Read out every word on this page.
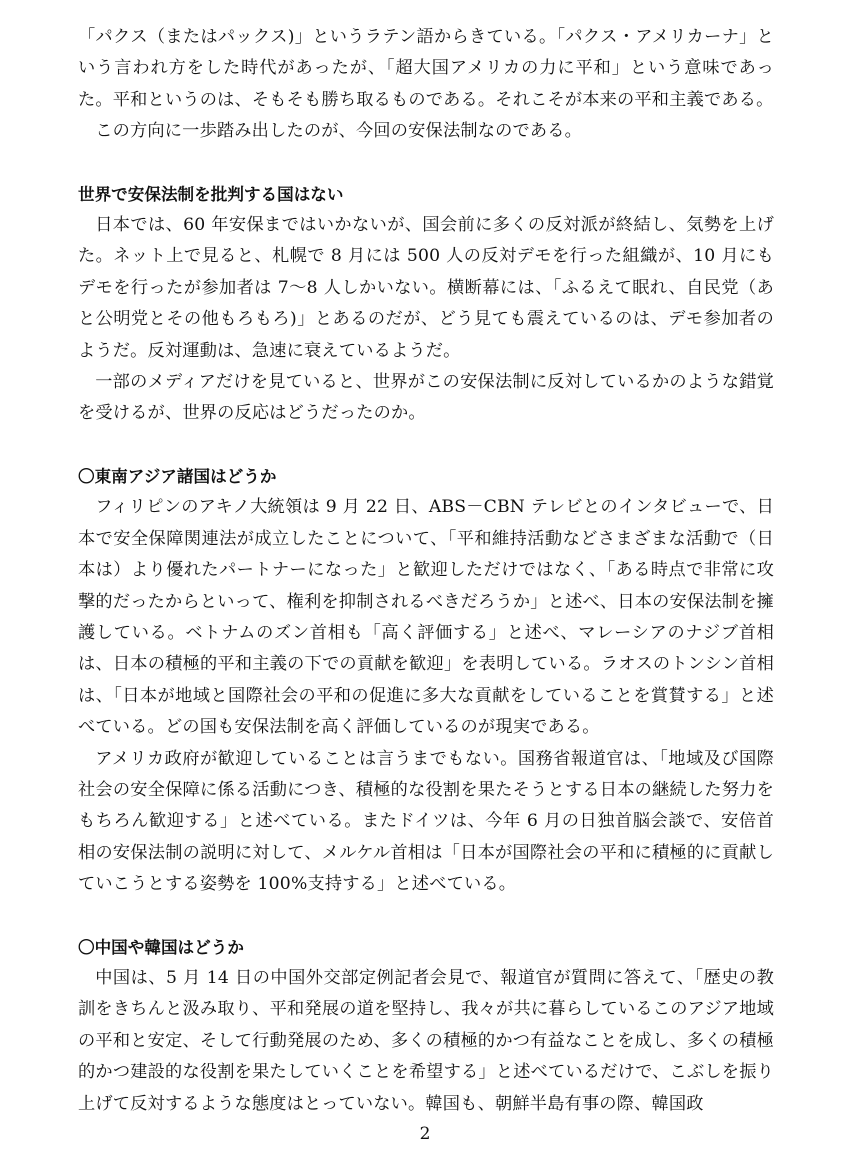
「パクス（またはパックス)」というラテン語からきている。「パクス・アメリカーナ」という言われ方をした時代があったが、「超大国アメリカの力に平和」という意味であった。平和というのは、そもそも勝ち取るものである。それこそが本来の平和主義である。

この方向に一歩踏み出したのが、今回の安保法制なのである。

世界で安保法制を批判する国はない

日本では、60 年安保まではいかないが、国会前に多くの反対派が終結し、気勢を上げた。ネット上で見ると、札幌で 8 月には 500 人の反対デモを行った組織が、10 月にもデモを行ったが参加者は 7～8 人しかいない。横断幕には、「ふるえて眠れ、自民党（あと公明党とその他もろもろ)」とあるのだが、どう見ても震えているのは、デモ参加者のようだ。反対運動は、急速に衰えているようだ。

一部のメディアだけを見ていると、世界がこの安保法制に反対しているかのような錯覚を受けるが、世界の反応はどうだったのか。

〇東南アジア諸国はどうか

フィリピンのアキノ大統領は 9 月 22 日、ABS－CBN テレビとのインタビューで、日本で安全保障関連法が成立したことについて、「平和維持活動などさまざまな活動で（日本は）より優れたパートナーになった」と歓迎しただけではなく、「ある時点で非常に攻撃的だったからといって、権利を抑制されるべきだろうか」と述べ、日本の安保法制を擁護している。ベトナムのズン首相も「高く評価する」と述べ、マレーシアのナジブ首相は、日本の積極的平和主義の下での貢献を歓迎」を表明している。ラオスのトンシン首相は、「日本が地域と国際社会の平和の促進に多大な貢献をしていることを賞賛する」と述べている。どの国も安保法制を高く評価しているのが現実である。

アメリカ政府が歓迎していることは言うまでもない。国務省報道官は、「地域及び国際社会の安全保障に係る活動につき、積極的な役割を果たそうとする日本の継続した努力をもちろん歓迎する」と述べている。またドイツは、今年 6 月の日独首脳会談で、安倍首相の安保法制の説明に対して、メルケル首相は「日本が国際社会の平和に積極的に貢献していこうとする姿勢を 100%支持する」と述べている。

〇中国や韓国はどうか

中国は、5 月 14 日の中国外交部定例記者会見で、報道官が質問に答えて、「歴史の教訓をきちんと汲み取り、平和発展の道を堅持し、我々が共に暮らしているこのアジア地域の平和と安定、そして行動発展のため、多くの積極的かつ有益なことを成し、多くの積極的かつ建設的な役割を果たしていくことを希望する」と述べているだけで、こぶしを振り上げて反対するような態度はとっていない。韓国も、朝鮮半島有事の際、韓国政

2
